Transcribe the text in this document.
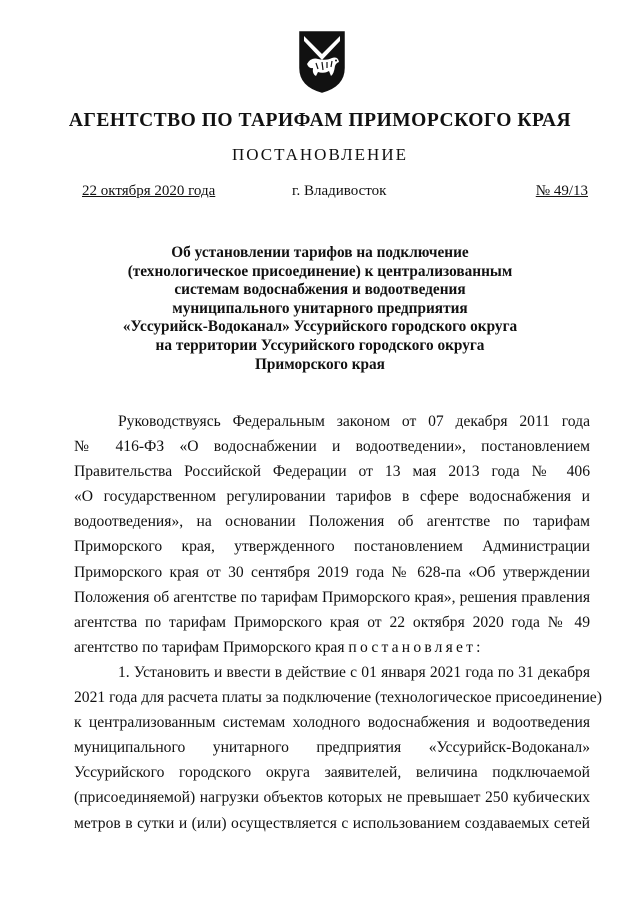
АГЕНТСТВО ПО ТАРИФАМ ПРИМОРСКОГО КРАЯ
ПОСТАНОВЛЕНИЕ
22 октября 2020 года	г. Владивосток	№ 49/13
Об установлении тарифов на подключение
(технологическое присоединение) к централизованным
системам водоснабжения и водоотведения
муниципального унитарного предприятия
«Уссурийск-Водоканал» Уссурийского городского округа
на территории Уссурийского городского округа
Приморского края
Руководствуясь Федеральным законом от 07 декабря 2011 года
№ 416-ФЗ «О водоснабжении и водоотведении», постановлением
Правительства Российской Федерации от 13 мая 2013 года № 406
«О государственном регулировании тарифов в сфере водоснабжения и
водоотведения», на основании Положения об агентстве по тарифам
Приморского края, утвержденного постановлением Администрации
Приморского края от 30 сентября 2019 года № 628-па «Об утверждении
Положения об агентстве по тарифам Приморского края», решения правления
агентства по тарифам Приморского края от 22 октября 2020 года № 49
агентство по тарифам Приморского края постановляет:
1. Установить и ввести в действие с 01 января 2021 года по 31 декабря
2021 года для расчета платы за подключение (технологическое присоединение)
к централизованным системам холодного водоснабжения и водоотведения
муниципального унитарного предприятия «Уссурийск-Водоканал»
Уссурийского городского округа заявителей, величина подключаемой
(присоединяемой) нагрузки объектов которых не превышает 250 кубических
метров в сутки и (или) осуществляется с использованием создаваемых сетей
